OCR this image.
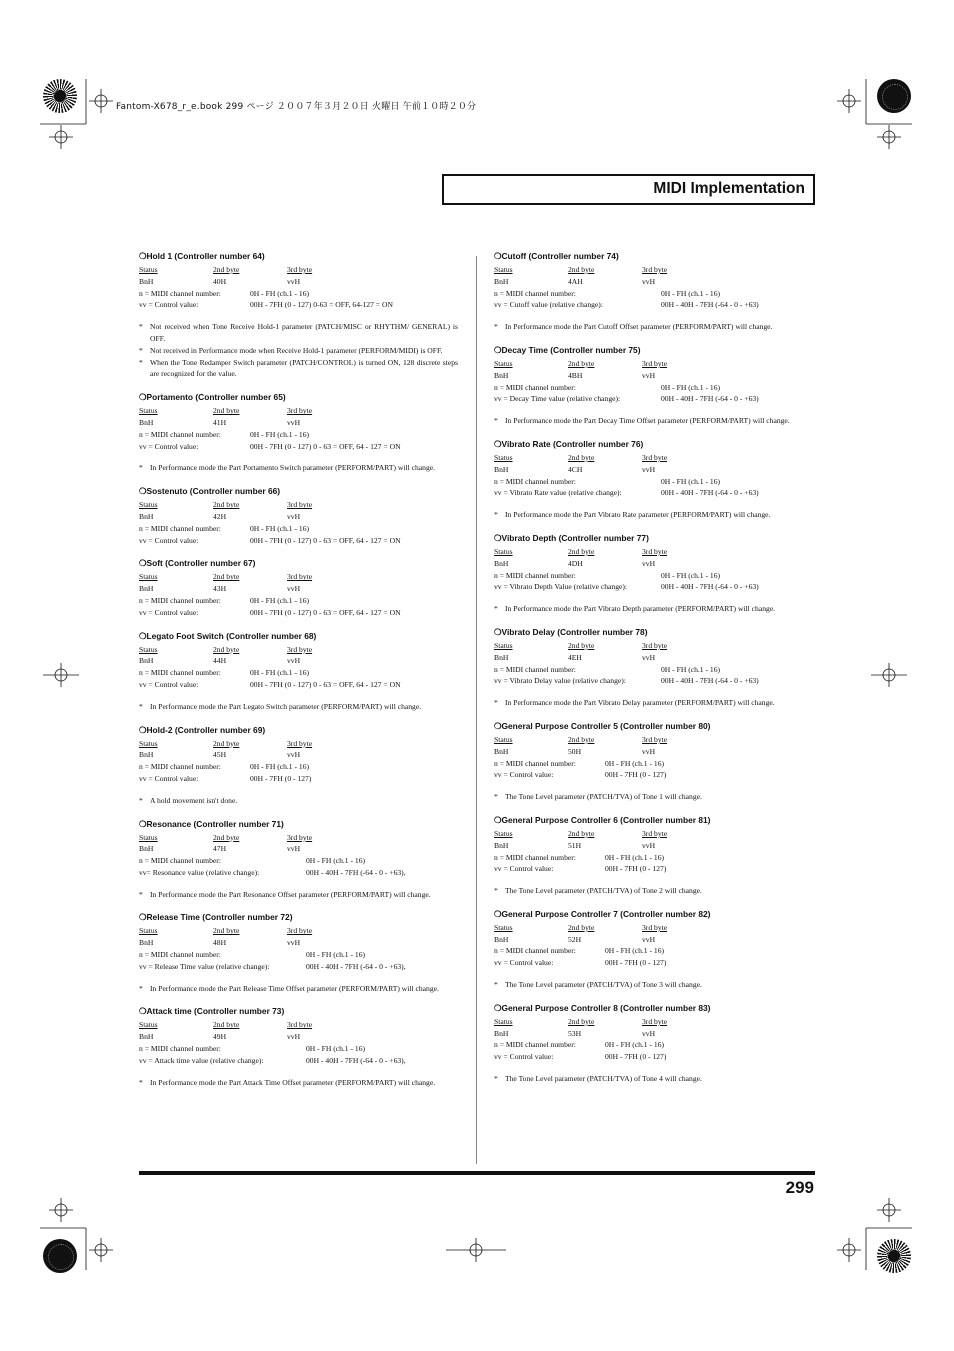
Fantom-X678_r_e.book 299 ページ ２００７年３月２０日 火曜日 午前１０時２０分
MIDI Implementation
❍Hold 1 (Controller number 64)
Status	2nd byte	3rd byte
BnH	40H	vvH
n = MIDI channel number:	0H - FH (ch.1 - 16)
vv = Control value:	00H - 7FH (0 - 127) 0-63 = OFF, 64-127 = ON
* Not received when Tone Receive Hold-1 parameter (PATCH/MISC or RHYTHM/ GENERAL) is OFF.
* Not received in Performance mode when Receive Hold-1 parameter (PERFORM/MIDI) is OFF.
* When the Tone Redamper Switch parameter (PATCH/CONTROL) is turned ON, 128 discrete steps are recognized for the value.
❍Portamento (Controller number 65)
Status	2nd byte	3rd byte
BnH	41H	vvH
n = MIDI channel number:	0H - FH (ch.1 - 16)
vv = Control value:	00H - 7FH (0 - 127) 0 - 63 = OFF, 64 - 127 = ON
* In Performance mode the Part Portamento Switch parameter (PERFORM/PART) will change.
❍Sostenuto (Controller number 66)
Status	2nd byte	3rd byte
BnH	42H	vvH
n = MIDI channel number:	0H - FH (ch.1 - 16)
vv = Control value:	00H - 7FH (0 - 127) 0 - 63 = OFF, 64 - 127 = ON
❍Soft (Controller number 67)
Status	2nd byte	3rd byte
BnH	43H	vvH
n = MIDI channel number:	0H - FH (ch.1 - 16)
vv = Control value:	00H - 7FH (0 - 127) 0 - 63 = OFF, 64 - 127 = ON
❍Legato Foot Switch (Controller number 68)
Status	2nd byte	3rd byte
BnH	44H	vvH
n = MIDI channel number:	0H - FH (ch.1 - 16)
vv = Control value:	00H - 7FH (0 - 127) 0 - 63 = OFF, 64 - 127 = ON
* In Performance mode the Part Legato Switch parameter (PERFORM/PART) will change.
❍Hold-2 (Controller number 69)
Status	2nd byte	3rd byte
BnH	45H	vvH
n = MIDI channel number:	0H - FH (ch.1 - 16)
vv = Control value:	00H - 7FH (0 - 127)
* A hold movement isn't done.
❍Resonance (Controller number 71)
Status	2nd byte	3rd byte
BnH	47H	vvH
n = MIDI channel number:	0H - FH (ch.1 - 16)
vv= Resonance value (relative change):	00H - 40H - 7FH (-64 - 0 - +63),
* In Performance mode the Part Resonance Offset parameter (PERFORM/PART) will change.
❍Release Time (Controller number 72)
Status	2nd byte	3rd byte
BnH	48H	vvH
n = MIDI channel number:	0H - FH (ch.1 - 16)
vv = Release Time value (relative change):	00H - 40H - 7FH (-64 - 0 - +63),
* In Performance mode the Part Release Time Offset parameter (PERFORM/PART) will change.
❍Attack time (Controller number 73)
Status	2nd byte	3rd byte
BnH	49H	vvH
n = MIDI channel number:	0H - FH (ch.1 - 16)
vv = Attack time value (relative change):	00H - 40H - 7FH (-64 - 0 - +63),
* In Performance mode the Part Attack Time Offset parameter (PERFORM/PART) will change.
❍Cutoff (Controller number 74)
Status	2nd byte	3rd byte
BnH	4AH	vvH
n = MIDI channel number:	0H - FH (ch.1 - 16)
vv = Cutoff value (relative change):	00H - 40H - 7FH (-64 - 0 - +63)
* In Performance mode the Part Cutoff Offset parameter (PERFORM/PART) will change.
❍Decay Time (Controller number 75)
Status	2nd byte	3rd byte
BnH	4BH	vvH
n = MIDI channel number:	0H - FH (ch.1 - 16)
vv = Decay Time value (relative change):	00H - 40H - 7FH (-64 - 0 - +63)
* In Performance mode the Part Decay Time Offset parameter (PERFORM/PART) will change.
❍Vibrato Rate (Controller number 76)
Status	2nd byte	3rd byte
BnH	4CH	vvH
n = MIDI channel number:	0H - FH (ch.1 - 16)
vv = Vibrato Rate value (relative change):	00H - 40H - 7FH (-64 - 0 - +63)
* In Performance mode the Part Vibrato Rate parameter (PERFORM/PART) will change.
❍Vibrato Depth (Controller number 77)
Status	2nd byte	3rd byte
BnH	4DH	vvH
n = MIDI channel number:	0H - FH (ch.1 - 16)
vv = Vibrato Depth Value (relative change):	00H - 40H - 7FH (-64 - 0 - +63)
* In Performance mode the Part Vibrato Depth parameter (PERFORM/PART) will change.
❍Vibrato Delay (Controller number 78)
Status	2nd byte	3rd byte
BnH	4EH	vvH
n = MIDI channel number:	0H - FH (ch.1 - 16)
vv = Vibrato Delay value (relative change):	00H - 40H - 7FH (-64 - 0 - +63)
* In Performance mode the Part Vibrato Delay parameter (PERFORM/PART) will change.
❍General Purpose Controller 5 (Controller number 80)
Status	2nd byte	3rd byte
BnH	50H	vvH
n = MIDI channel number:	0H - FH (ch.1 - 16)
vv = Control value:	00H - 7FH (0 - 127)
* The Tone Level parameter (PATCH/TVA) of Tone 1 will change.
❍General Purpose Controller 6 (Controller number 81)
Status	2nd byte	3rd byte
BnH	51H	vvH
n = MIDI channel number:	0H - FH (ch.1 - 16)
vv = Control value:	00H - 7FH (0 - 127)
* The Tone Level parameter (PATCH/TVA) of Tone 2 will change.
❍General Purpose Controller 7 (Controller number 82)
Status	2nd byte	3rd byte
BnH	52H	vvH
n = MIDI channel number:	0H - FH (ch.1 - 16)
vv = Control value:	00H - 7FH (0 - 127)
* The Tone Level parameter (PATCH/TVA) of Tone 3 will change.
❍General Purpose Controller 8 (Controller number 83)
Status	2nd byte	3rd byte
BnH	53H	vvH
n = MIDI channel number:	0H - FH (ch.1 - 16)
vv = Control value:	00H - 7FH (0 - 127)
* The Tone Level parameter (PATCH/TVA) of Tone 4 will change.
299
